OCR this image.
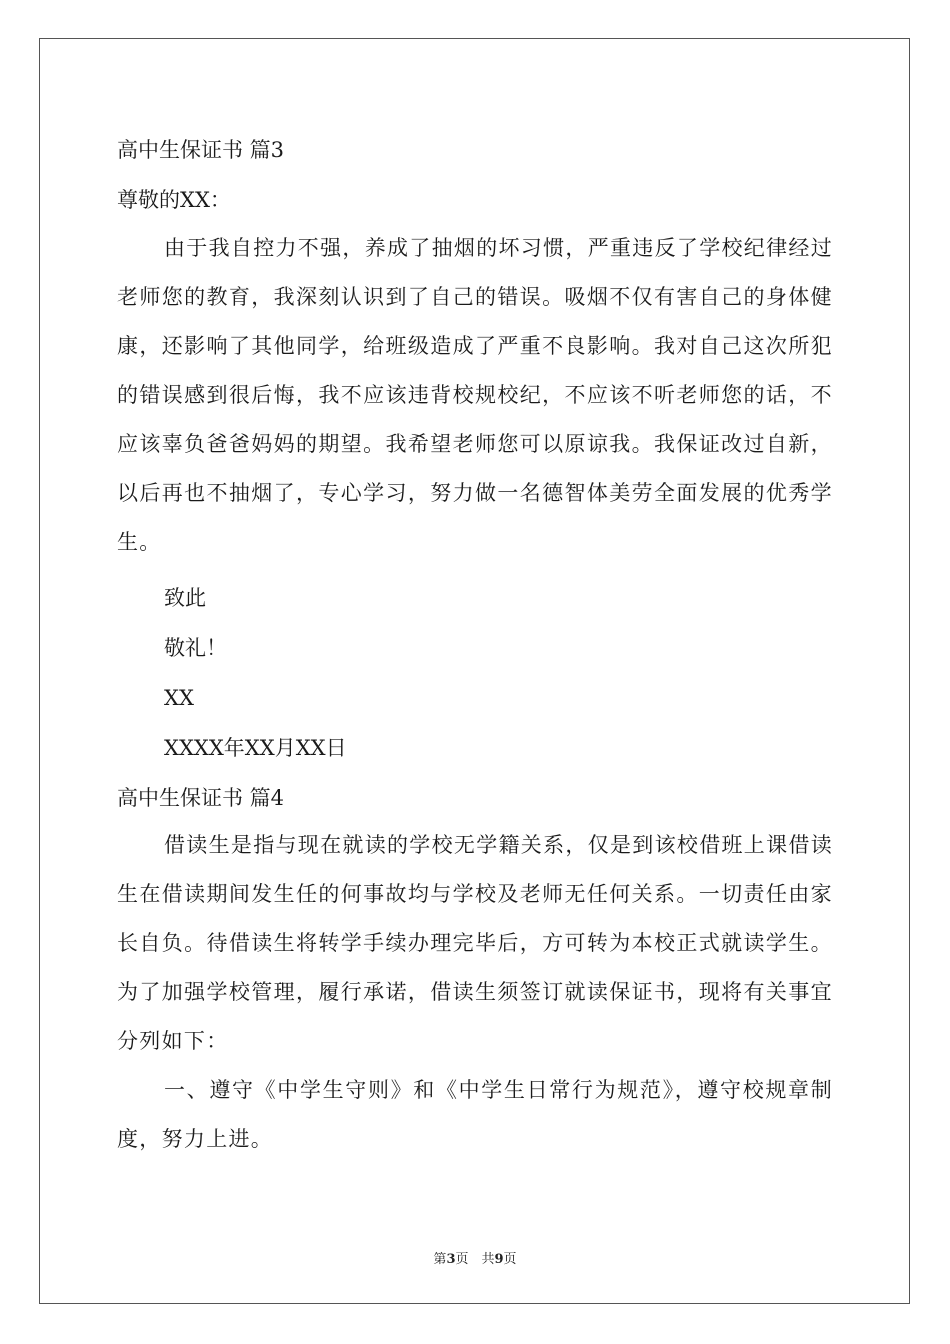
高中生保证书 篇3
尊敬的XX：
由于我自控力不强，养成了抽烟的坏习惯，严重违反了学校纪律经过老师您的教育，我深刻认识到了自己的错误。吸烟不仅有害自己的身体健康，还影响了其他同学，给班级造成了严重不良影响。我对自己这次所犯的错误感到很后悔，我不应该违背校规校纪，不应该不听老师您的话，不应该辜负爸爸妈妈的期望。我希望老师您可以原谅我。我保证改过自新，以后再也不抽烟了，专心学习，努力做一名德智体美劳全面发展的优秀学生。
致此
敬礼！
XX
XXXX年XX月XX日
高中生保证书 篇4
借读生是指与现在就读的学校无学籍关系，仅是到该校借班上课借读生在借读期间发生任的何事故均与学校及老师无任何关系。一切责任由家长自负。待借读生将转学手续办理完毕后，方可转为本校正式就读学生。为了加强学校管理，履行承诺，借读生须签订就读保证书，现将有关事宜分列如下：
一、遵守《中学生守则》和《中学生日常行为规范》，遵守校规章制度，努力上进。
第3页　共9页
